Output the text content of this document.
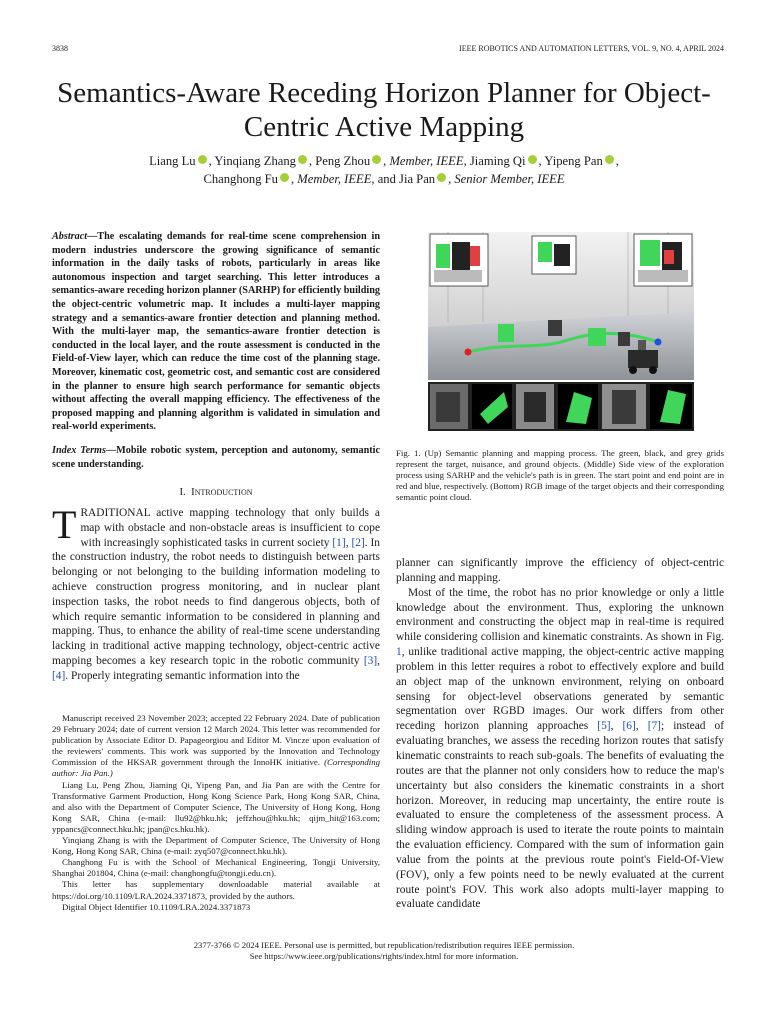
3838	IEEE ROBOTICS AND AUTOMATION LETTERS, VOL. 9, NO. 4, APRIL 2024
Semantics-Aware Receding Horizon Planner for Object-Centric Active Mapping
Liang Lu , Yinqiang Zhang , Peng Zhou , Member, IEEE, Jiaming Qi , Yipeng Pan ,
Changhong Fu , Member, IEEE, and Jia Pan , Senior Member, IEEE
Abstract—The escalating demands for real-time scene comprehension in modern industries underscore the growing significance of semantic information in the daily tasks of robots, particularly in areas like autonomous inspection and target searching. This letter introduces a semantics-aware receding horizon planner (SARHP) for efficiently building the object-centric volumetric map. It includes a multi-layer mapping strategy and a semantics-aware frontier detection and planning method. With the multi-layer map, the semantics-aware frontier detection is conducted in the local layer, and the route assessment is conducted in the Field-of-View layer, which can reduce the time cost of the planning stage. Moreover, kinematic cost, geometric cost, and semantic cost are considered in the planner to ensure high search performance for semantic objects without affecting the overall mapping efficiency. The effectiveness of the proposed mapping and planning algorithm is validated in simulation and real-world experiments.
Index Terms—Mobile robotic system, perception and autonomy, semantic scene understanding.
I. Introduction
TRADITIONAL active mapping technology that only builds a map with obstacle and non-obstacle areas is insufficient to cope with increasingly sophisticated tasks in current society [1], [2]. In the construction industry, the robot needs to distinguish between parts belonging or not belonging to the building information modeling to achieve construction progress monitoring, and in nuclear plant inspection tasks, the robot needs to find dangerous objects, both of which require semantic information to be considered in planning and mapping. Thus, to enhance the ability of real-time scene understanding lacking in traditional active mapping technology, object-centric active mapping becomes a key research topic in the robotic community [3], [4]. Properly integrating semantic information into the

Manuscript received 23 November 2023; accepted 22 February 2024. Date of publication 29 February 2024; date of current version 12 March 2024. This letter was recommended for publication by Associate Editor D. Papageorgiou and Editor M. Vincze upon evaluation of the reviewers' comments. This work was supported by the Innovation and Technology Commission of the HKSAR government through the InnoHK initiative. (Corresponding author: Jia Pan.)

Liang Lu, Peng Zhou, Jiaming Qi, Yipeng Pan, and Jia Pan are with the Centre for Transformative Garment Production, Hong Kong Science Park, Hong Kong SAR, China, and also with the Department of Computer Science, The University of Hong Kong, Hong Kong SAR, China (e-mail: llu92@hku.hk; jeffzhou@hku.hk; qijm_hit@163.com; yppancs@connect.hku.hk; jpan@cs.hku.hk).

Yinqiang Zhang is with the Department of Computer Science, The University of Hong Kong, Hong Kong SAR, China (e-mail: zyq507@connect.hku.hk).

Changhong Fu is with the School of Mechanical Engineering, Tongji University, Shanghai 201804, China (e-mail: changhongfu@tongji.edu.cn).

This letter has supplementary downloadable material available at https://doi.org/10.1109/LRA.2024.3371873, provided by the authors.

Digital Object Identifier 10.1109/LRA.2024.3371873

Fig. 1. (Up) Semantic planning and mapping process. The green, black, and grey grids represent the target, nuisance, and ground objects. (Middle) Side view of the exploration process using SARHP and the vehicle's path is in green. The start point and end point are in red and blue, respectively. (Bottom) RGB image of the target objects and their corresponding semantic point cloud.

planner can significantly improve the efficiency of object-centric planning and mapping.

Most of the time, the robot has no prior knowledge or only a little knowledge about the environment. Thus, exploring the unknown environment and constructing the object map in real-time is required while considering collision and kinematic constraints. As shown in Fig. 1, unlike traditional active mapping, the object-centric active mapping problem in this letter requires a robot to effectively explore and build an object map of the unknown environment, relying on onboard sensing for object-level observations generated by semantic segmentation over RGBD images. Our work differs from other receding horizon planning approaches [5], [6], [7]; instead of evaluating branches, we assess the receding horizon routes that satisfy kinematic constraints to reach sub-goals. The benefits of evaluating the routes are that the planner not only considers how to reduce the map's uncertainty but also considers the kinematic constraints in a short horizon. Moreover, in reducing map uncertainty, the entire route is evaluated to ensure the completeness of the assessment process. A sliding window approach is used to iterate the route points to maintain the evaluation efficiency. Compared with the sum of information gain value from the points at the previous route point's Field-Of-View (FOV), only a few points need to be newly evaluated at the current route point's FOV. This work also adopts multi-layer mapping to evaluate candidate

2377-3766 © 2024 IEEE. Personal use is permitted, but republication/redistribution requires IEEE permission.
See https://www.ieee.org/publications/rights/index.html for more information.
